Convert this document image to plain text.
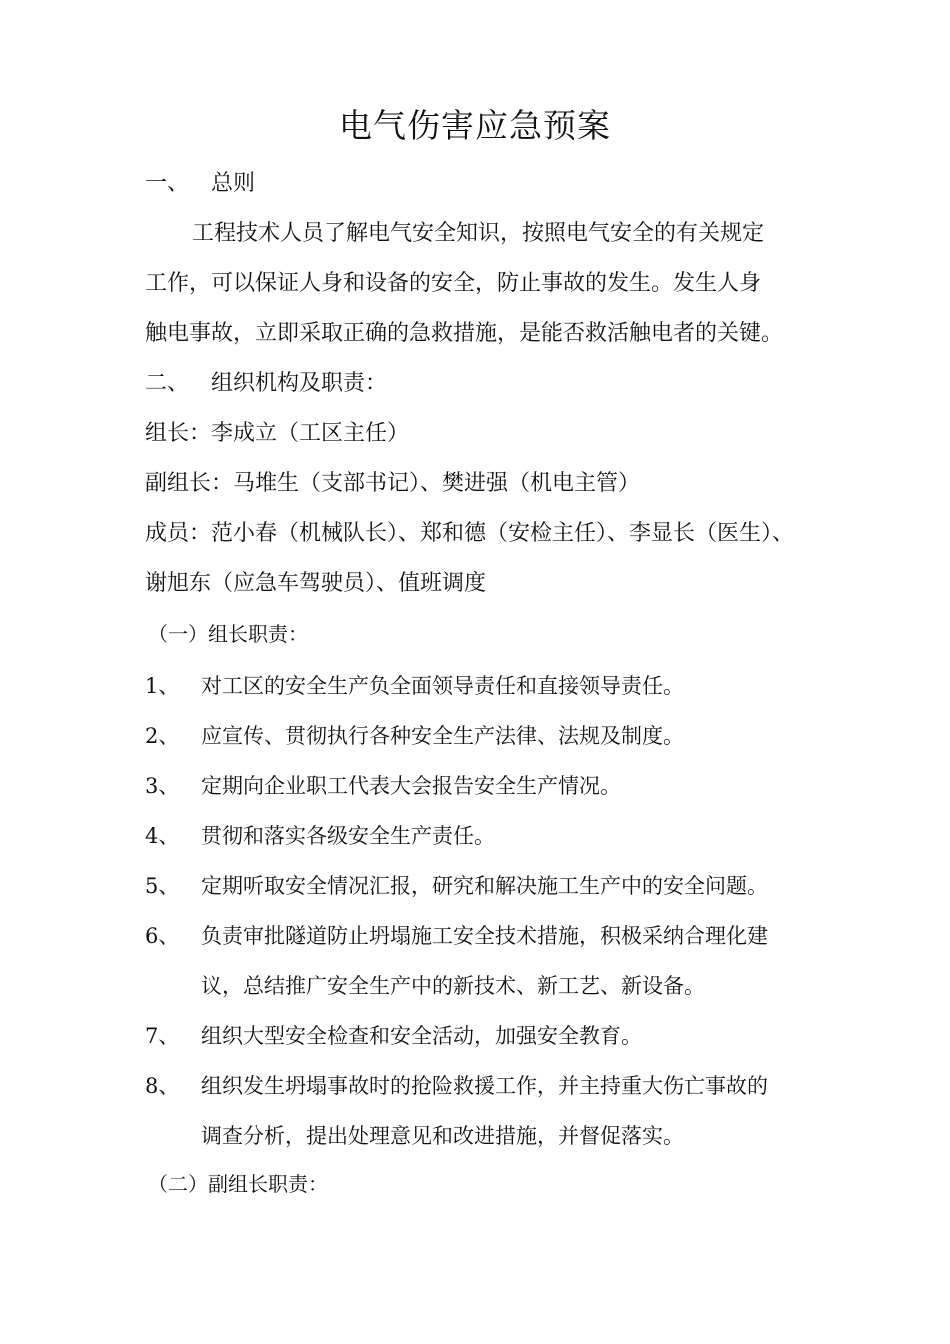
电气伤害应急预案
一、 总则
工程技术人员了解电气安全知识，按照电气安全的有关规定
工作，可以保证人身和设备的安全，防止事故的发生。发生人身
触电事故，立即采取正确的急救措施，是能否救活触电者的关键。
二、 组织机构及职责：
组长：李成立（工区主任）
副组长：马堆生（支部书记）、樊进强（机电主管）
成员：范小春（机械队长）、郑和德（安检主任）、李显长（医生）、
谢旭东（应急车驾驶员）、值班调度
（一）组长职责：
1、 对工区的安全生产负全面领导责任和直接领导责任。
2、 应宣传、贯彻执行各种安全生产法律、法规及制度。
3、 定期向企业职工代表大会报告安全生产情况。
4、 贯彻和落实各级安全生产责任。
5、 定期听取安全情况汇报，研究和解决施工生产中的安全问题。
6、 负责审批隧道防止坍塌施工安全技术措施，积极采纳合理化建
议，总结推广安全生产中的新技术、新工艺、新设备。
7、 组织大型安全检查和安全活动，加强安全教育。
8、 组织发生坍塌事故时的抢险救援工作，并主持重大伤亡事故的
调查分析，提出处理意见和改进措施，并督促落实。
（二）副组长职责：
